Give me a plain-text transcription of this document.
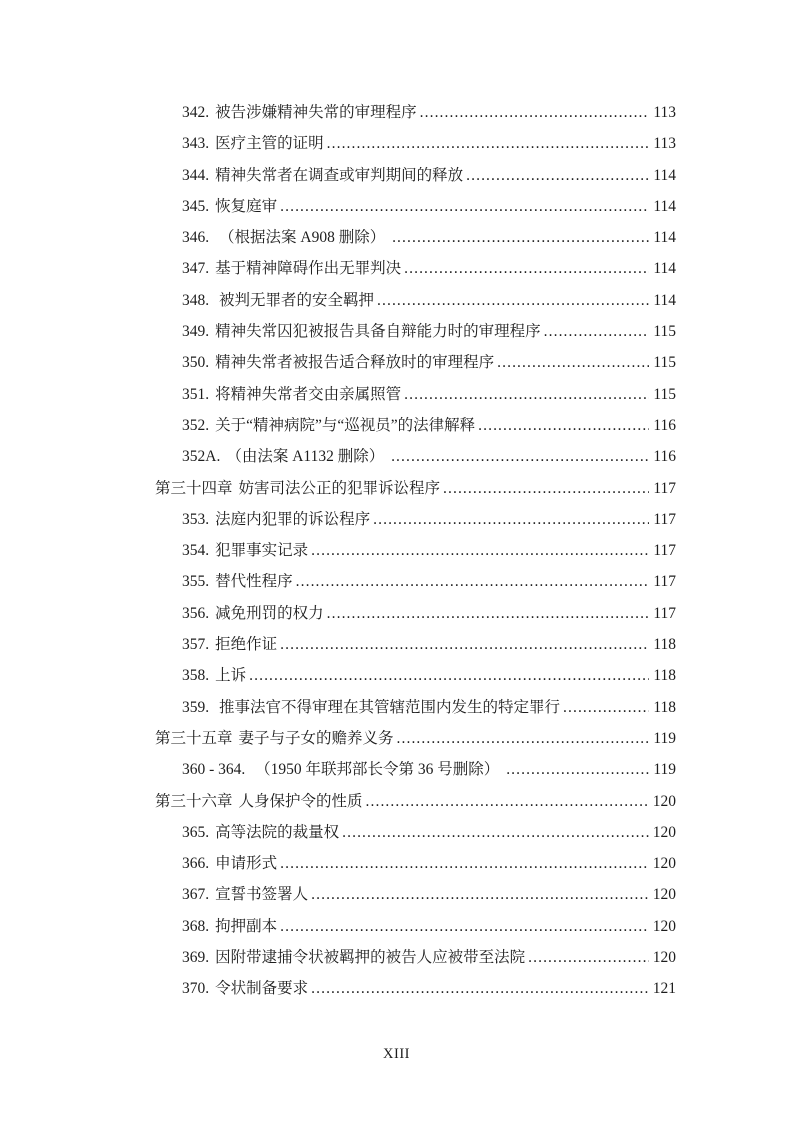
342. 被告涉嫌精神失常的审理程序 .....	113
343. 医疗主管的证明 .....	113
344. 精神失常者在调查或审判期间的释放 .....	114
345. 恢复庭审 .....	114
346. （根据法案 A908 删除） .....	114
347. 基于精神障碍作出无罪判决 .....	114
348. 被判无罪者的安全羁押 .....	114
349. 精神失常囚犯被报告具备自辩能力时的审理程序 .....	115
350. 精神失常者被报告适合释放时的审理程序 .....	115
351. 将精神失常者交由亲属照管 .....	115
352. 关于“精神病院”与“巡视员”的法律解释 .....	116
352A. （由法案 A1132 删除） .....	116
第三十四章 妨害司法公正的犯罪诉讼程序 .....	117
353. 法庭内犯罪的诉讼程序 .....	117
354. 犯罪事实记录 .....	117
355. 替代性程序 .....	117
356. 减免刑罚的权力 .....	117
357. 拒绝作证 .....	118
358. 上诉 .....	118
359. 推事法官不得审理在其管辖范围内发生的特定罪行 .....	118
第三十五章 妻子与子女的赡养义务 .....	119
360 - 364. （1950 年联邦部长令第 36 号删除） .....	119
第三十六章 人身保护令的性质 .....	120
365. 高等法院的裁量权 .....	120
366. 申请形式 .....	120
367. 宣誓书签署人 .....	120
368. 拘押副本 .....	120
369. 因附带逮捕令状被羁押的被告人应被带至法院 .....	120
370. 令状制备要求 .....	121
XIII
